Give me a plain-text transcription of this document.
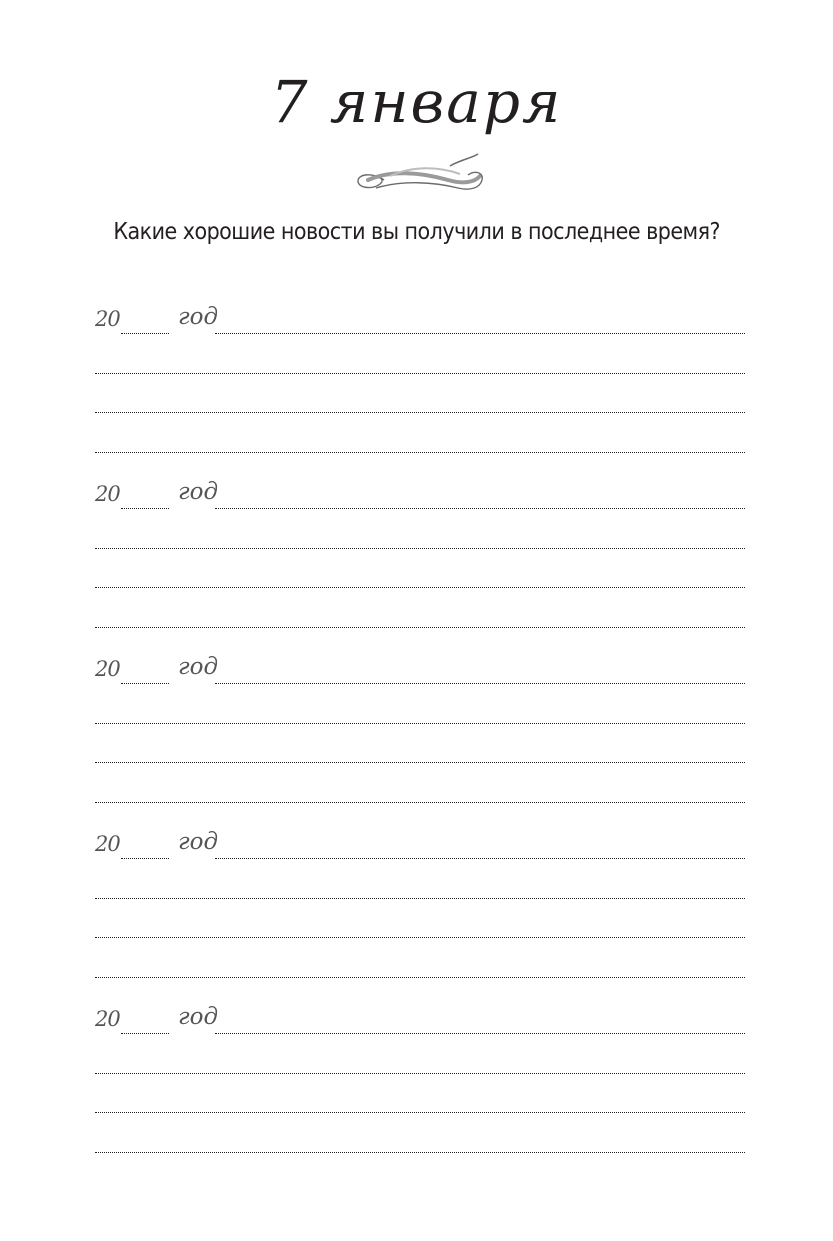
7 января
Какие хорошие новости вы получили в последнее время?
20	год
20	год
20	год
20	год
20	год
